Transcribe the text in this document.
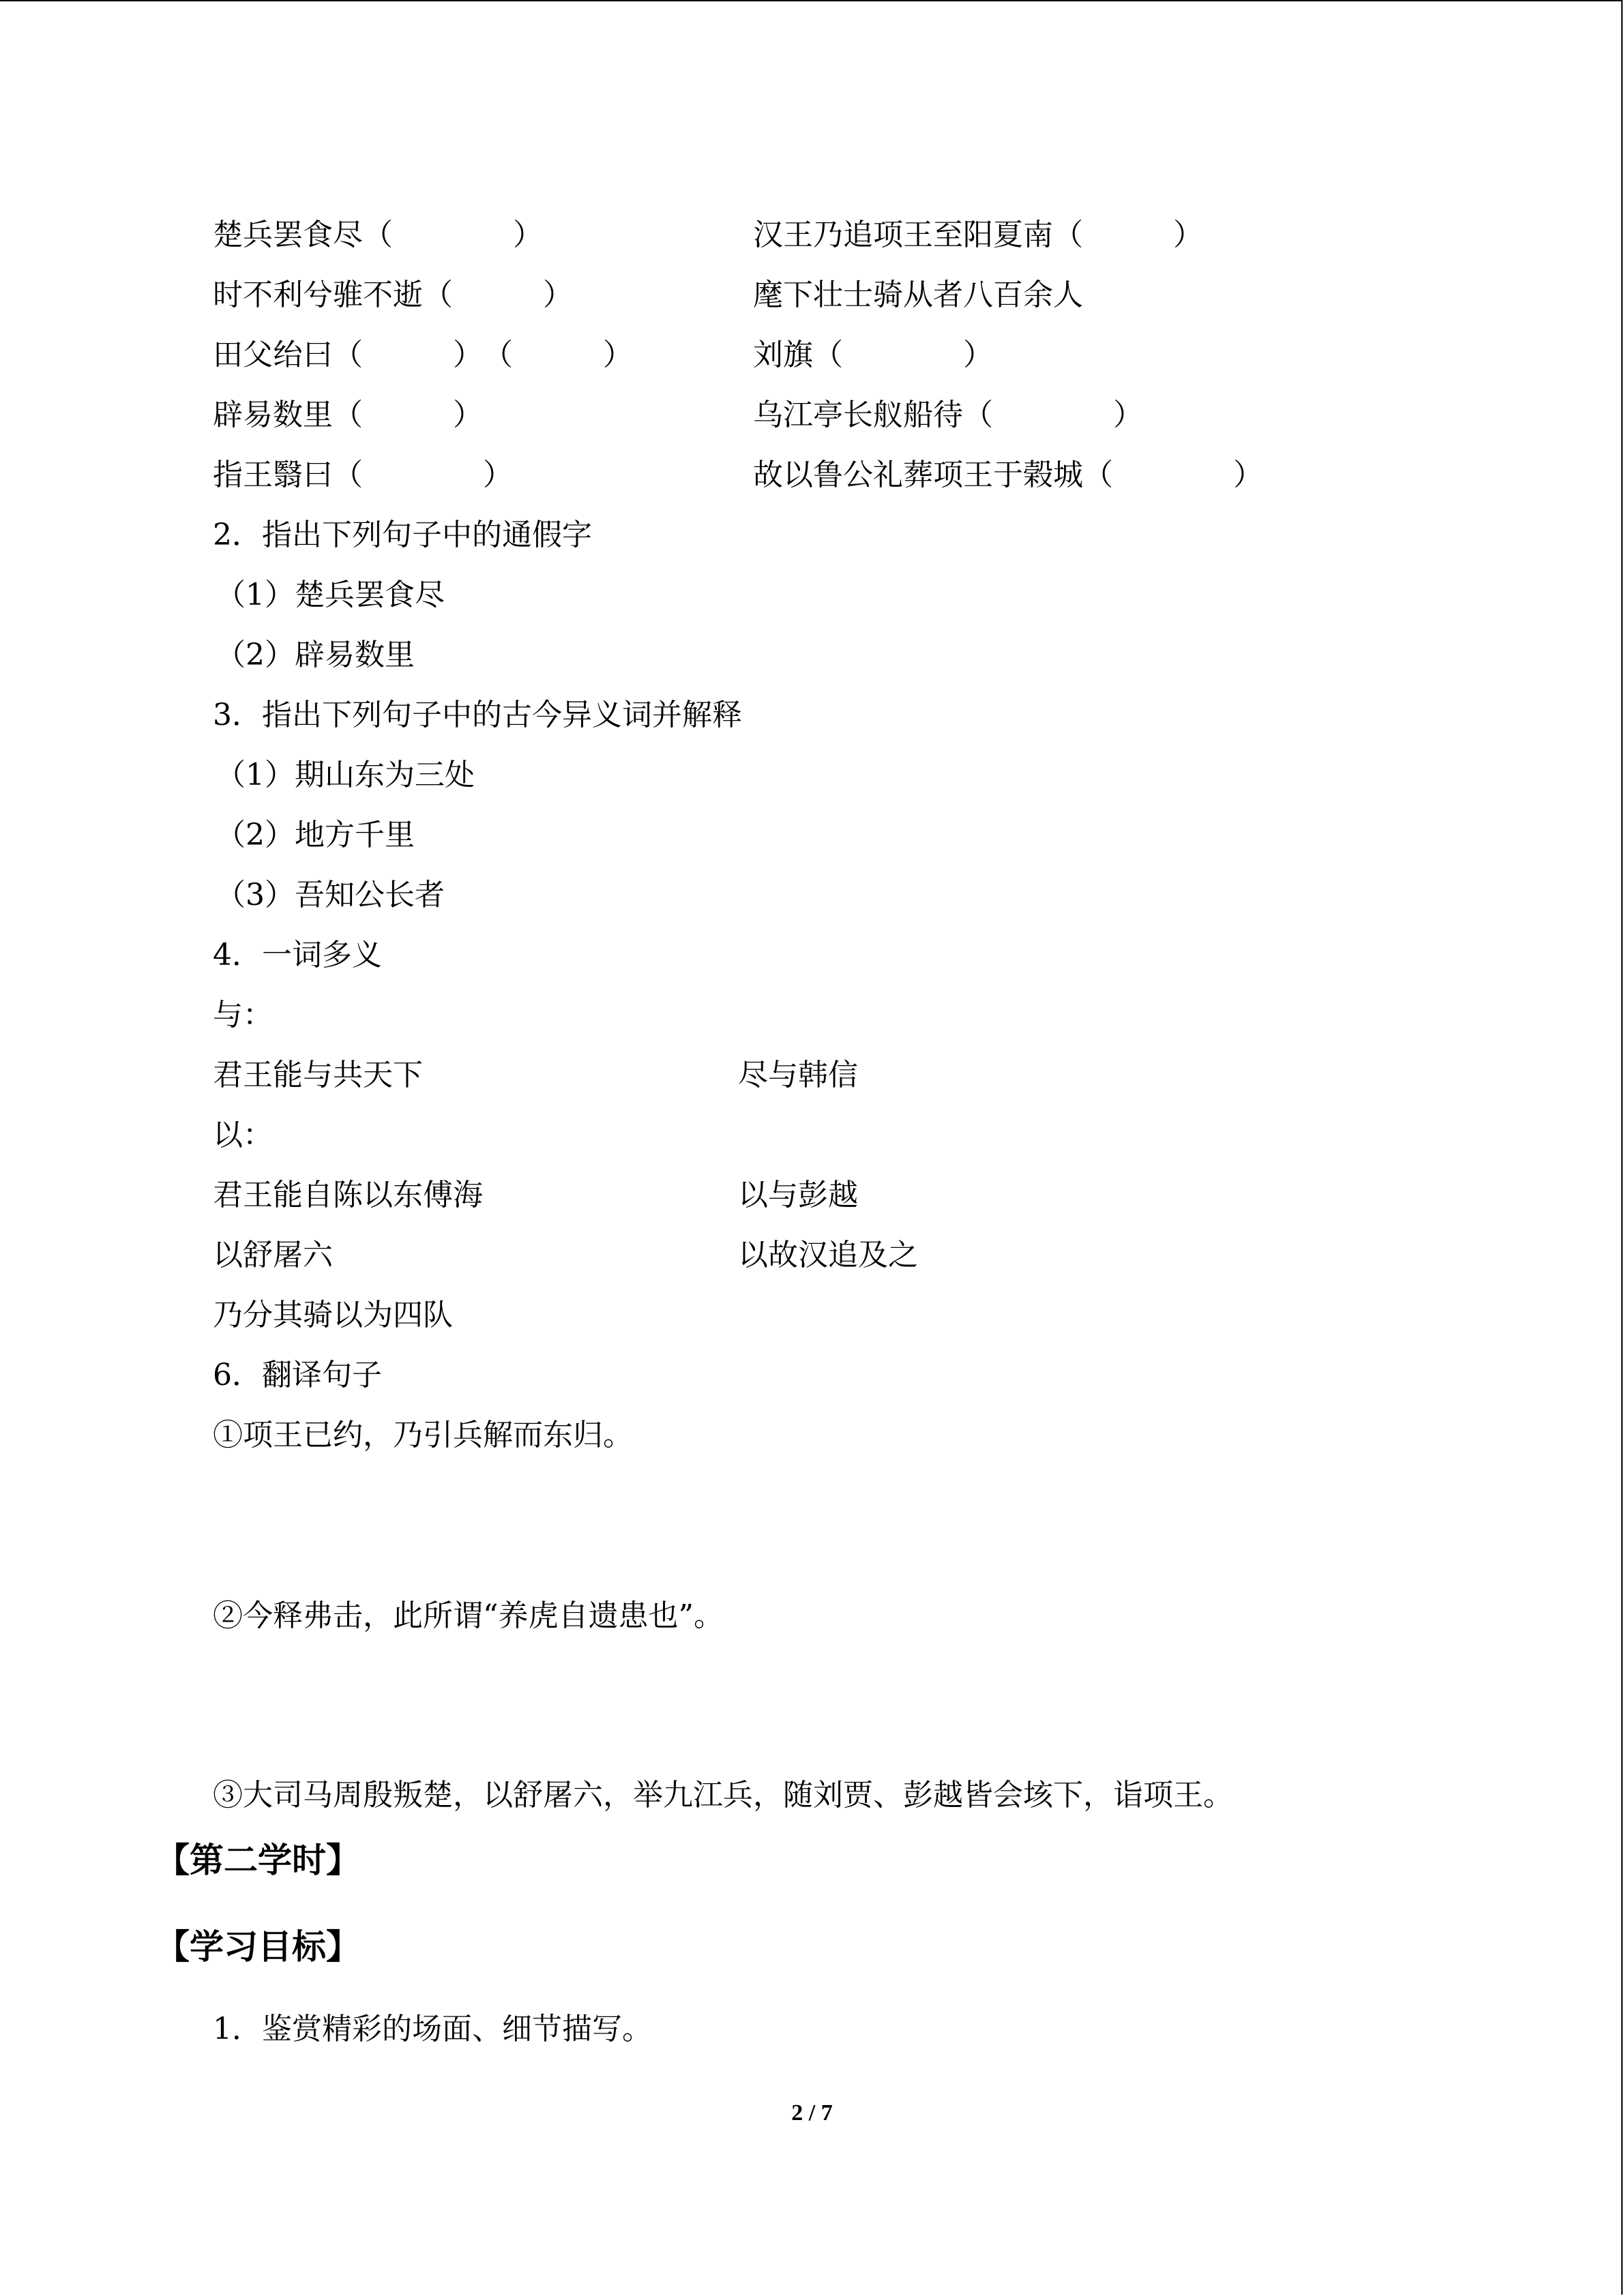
楚兵罢食尽（　　　　）	汉王乃追项王至阳夏南（　　　）
时不利兮骓不逝（　　　）	麾下壮士骑从者八百余人
田父绐曰（　　　）　（　　　）	刘旗（　　　　）
辟易数里（　　　）	乌江亭长舣船待（　　　　）
指王翳曰（　　　　）	故以鲁公礼葬项王于榖城（　　　　）
2．指出下列句子中的通假字
（1）楚兵罢食尽
（2）辟易数里
3．指出下列句子中的古今异义词并解释
（1）期山东为三处
（2）地方千里
（3）吾知公长者
4．一词多义
与：
君王能与共天下	尽与韩信
以：
君王能自陈以东傅海	以与彭越
以舒屠六	以故汉追及之
乃分其骑以为四队
6．翻译句子
①项王已约，乃引兵解而东归。
②今释弗击，此所谓“养虎自遗患也”。
③大司马周殷叛楚，以舒屠六，举九江兵，随刘贾、彭越皆会垓下，诣项王。
【第二学时】
【学习目标】
1．鉴赏精彩的场面、细节描写。
2 / 7
